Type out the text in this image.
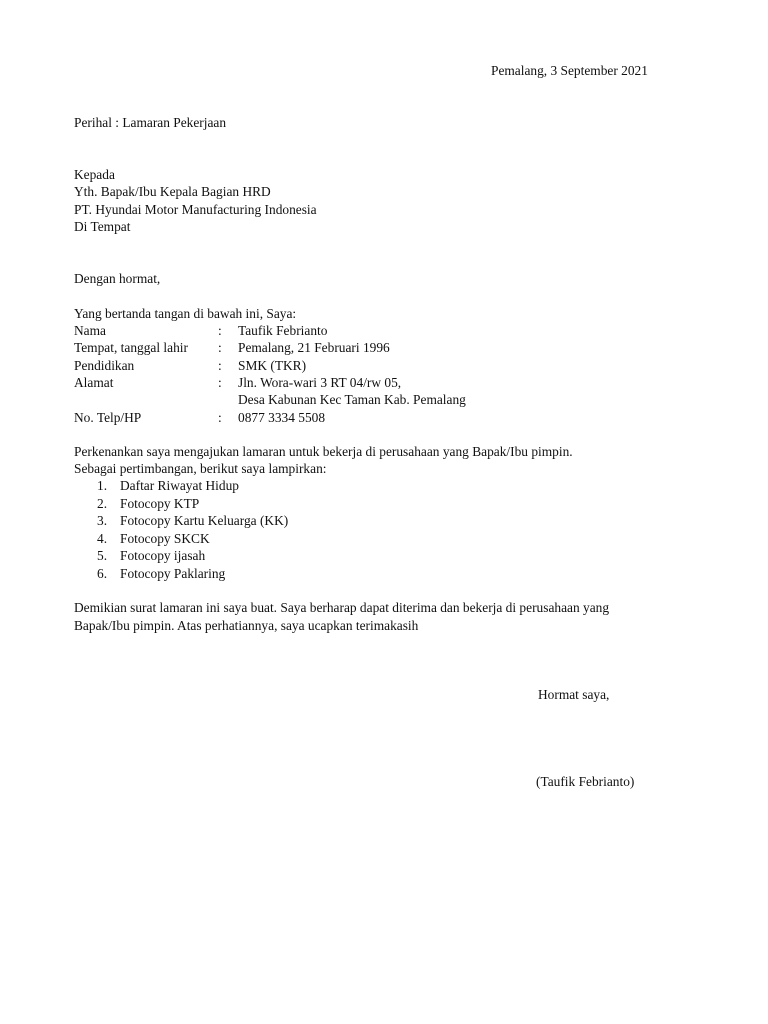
Pemalang, 3 September 2021
Perihal : Lamaran Pekerjaan
Kepada
Yth. Bapak/Ibu Kepala Bagian HRD
PT. Hyundai Motor Manufacturing Indonesia
Di Tempat
Dengan hormat,
Yang bertanda tangan di bawah ini, Saya:
Nama	: Taufik Febrianto
Tempat, tanggal lahir : Pemalang, 21 Februari 1996
Pendidikan	: SMK (TKR)
Alamat	: Jln. Wora-wari 3 RT 04/rw 05,
Desa Kabunan Kec Taman Kab. Pemalang
No. Telp/HP	: 0877 3334 5508
Perkenankan saya mengajukan lamaran untuk bekerja di perusahaan yang Bapak/Ibu pimpin.
Sebagai pertimbangan, berikut saya lampirkan:
1. Daftar Riwayat Hidup
2. Fotocopy KTP
3. Fotocopy Kartu Keluarga (KK)
4. Fotocopy SKCK
5. Fotocopy ijasah
6. Fotocopy Paklaring
Demikian surat lamaran ini saya buat. Saya berharap dapat diterima dan bekerja di perusahaan yang
Bapak/Ibu pimpin. Atas perhatiannya, saya ucapkan terimakasih
Hormat saya,
(Taufik Febrianto)
